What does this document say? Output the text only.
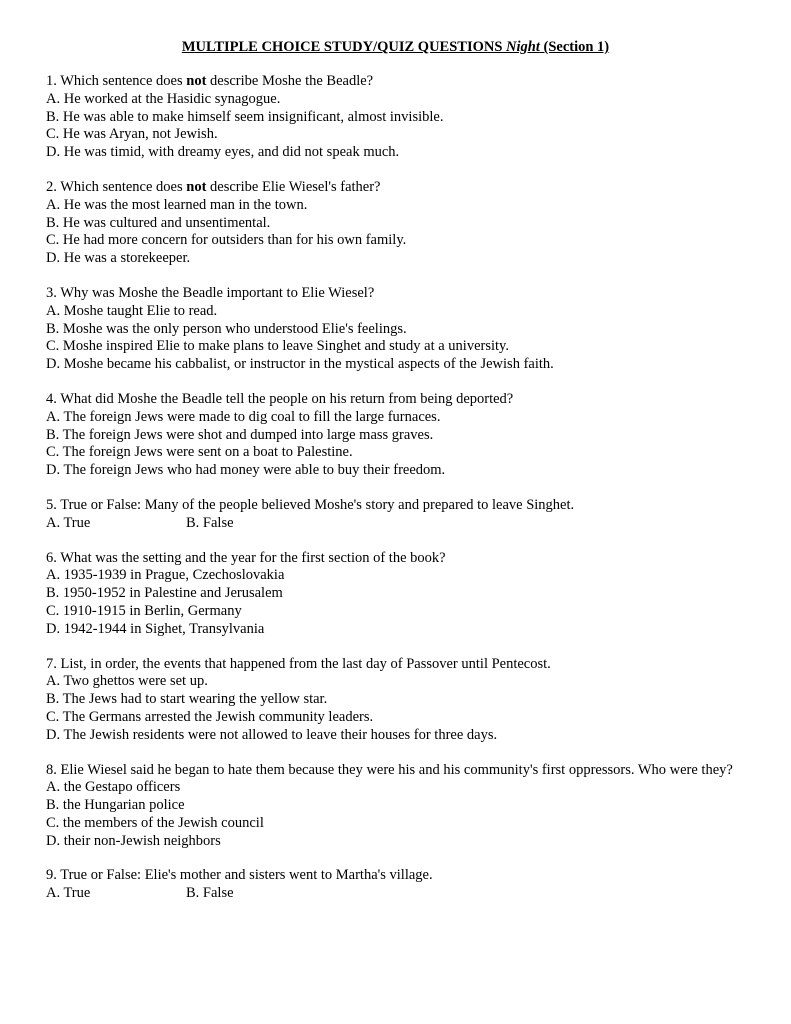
MULTIPLE CHOICE STUDY/QUIZ QUESTIONS Night (Section 1)
1. Which sentence does not describe Moshe the Beadle?
A. He worked at the Hasidic synagogue.
B. He was able to make himself seem insignificant, almost invisible.
C. He was Aryan, not Jewish.
D. He was timid, with dreamy eyes, and did not speak much.
2. Which sentence does not describe Elie Wiesel's father?
A. He was the most learned man in the town.
B. He was cultured and unsentimental.
C. He had more concern for outsiders than for his own family.
D. He was a storekeeper.
3. Why was Moshe the Beadle important to Elie Wiesel?
A. Moshe taught Elie to read.
B. Moshe was the only person who understood Elie's feelings.
C. Moshe inspired Elie to make plans to leave Singhet and study at a university.
D. Moshe became his cabbalist, or instructor in the mystical aspects of the Jewish faith.
4. What did Moshe the Beadle tell the people on his return from being deported?
A. The foreign Jews were made to dig coal to fill the large furnaces.
B. The foreign Jews were shot and dumped into large mass graves.
C. The foreign Jews were sent on a boat to Palestine.
D. The foreign Jews who had money were able to buy their freedom.
5. True or False: Many of the people believed Moshe's story and prepared to leave Singhet.
A. True	B. False
6. What was the setting and the year for the first section of the book?
A. 1935-1939 in Prague, Czechoslovakia
B. 1950-1952 in Palestine and Jerusalem
C. 1910-1915 in Berlin, Germany
D. 1942-1944 in Sighet, Transylvania
7. List, in order, the events that happened from the last day of Passover until Pentecost.
A. Two ghettos were set up.
B. The Jews had to start wearing the yellow star.
C. The Germans arrested the Jewish community leaders.
D. The Jewish residents were not allowed to leave their houses for three days.
8. Elie Wiesel said he began to hate them because they were his and his community's first oppressors. Who were they?
A. the Gestapo officers
B. the Hungarian police
C. the members of the Jewish council
D. their non-Jewish neighbors
9. True or False: Elie's mother and sisters went to Martha's village.
A. True	B. False
